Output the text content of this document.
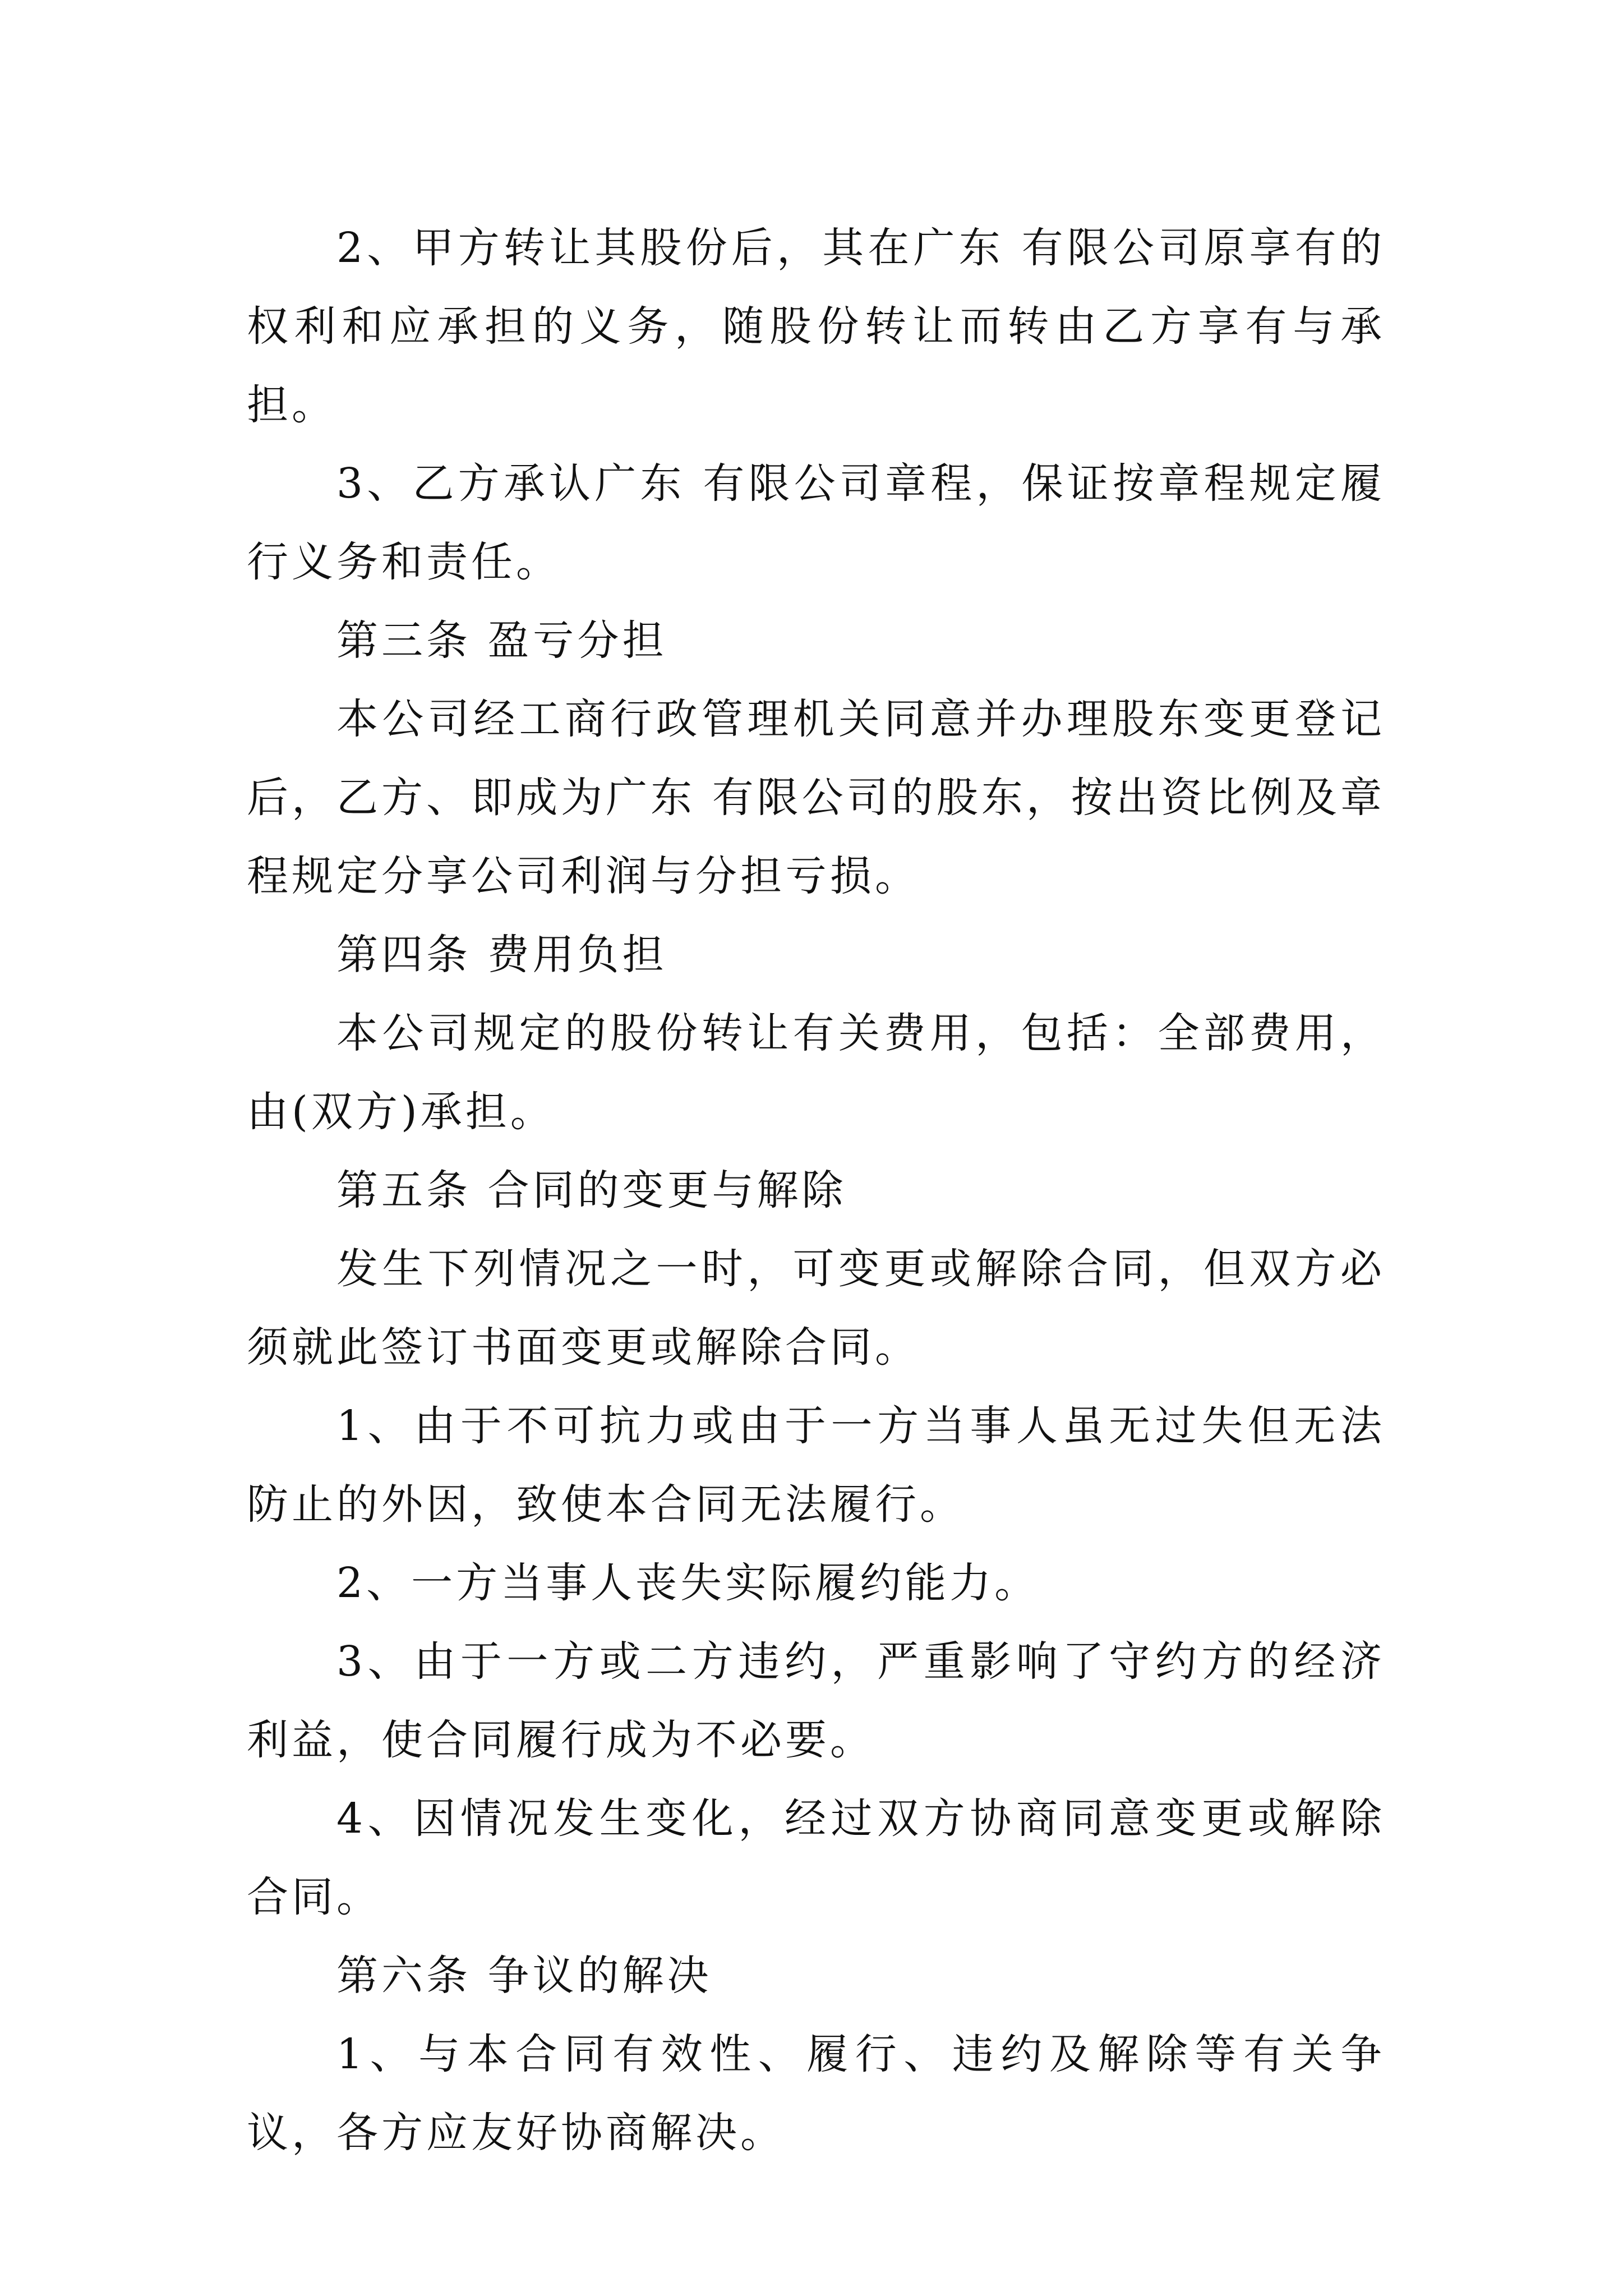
2、甲方转让其股份后，其在广东 有限公司原享有的权利和应承担的义务，随股份转让而转由乙方享有与承担。

3、乙方承认广东 有限公司章程，保证按章程规定履行义务和责任。

第三条 盈亏分担

本公司经工商行政管理机关同意并办理股东变更登记后，乙方、即成为广东 有限公司的股东，按出资比例及章程规定分享公司利润与分担亏损。

第四条 费用负担

本公司规定的股份转让有关费用，包括：全部费用，由(双方)承担。

第五条 合同的变更与解除

发生下列情况之一时，可变更或解除合同，但双方必须就此签订书面变更或解除合同。

1、由于不可抗力或由于一方当事人虽无过失但无法防止的外因，致使本合同无法履行。

2、一方当事人丧失实际履约能力。

3、由于一方或二方违约，严重影响了守约方的经济利益，使合同履行成为不必要。

4、因情况发生变化，经过双方协商同意变更或解除合同。

第六条 争议的解决

1、与本合同有效性、履行、违约及解除等有关争议，各方应友好协商解决。
